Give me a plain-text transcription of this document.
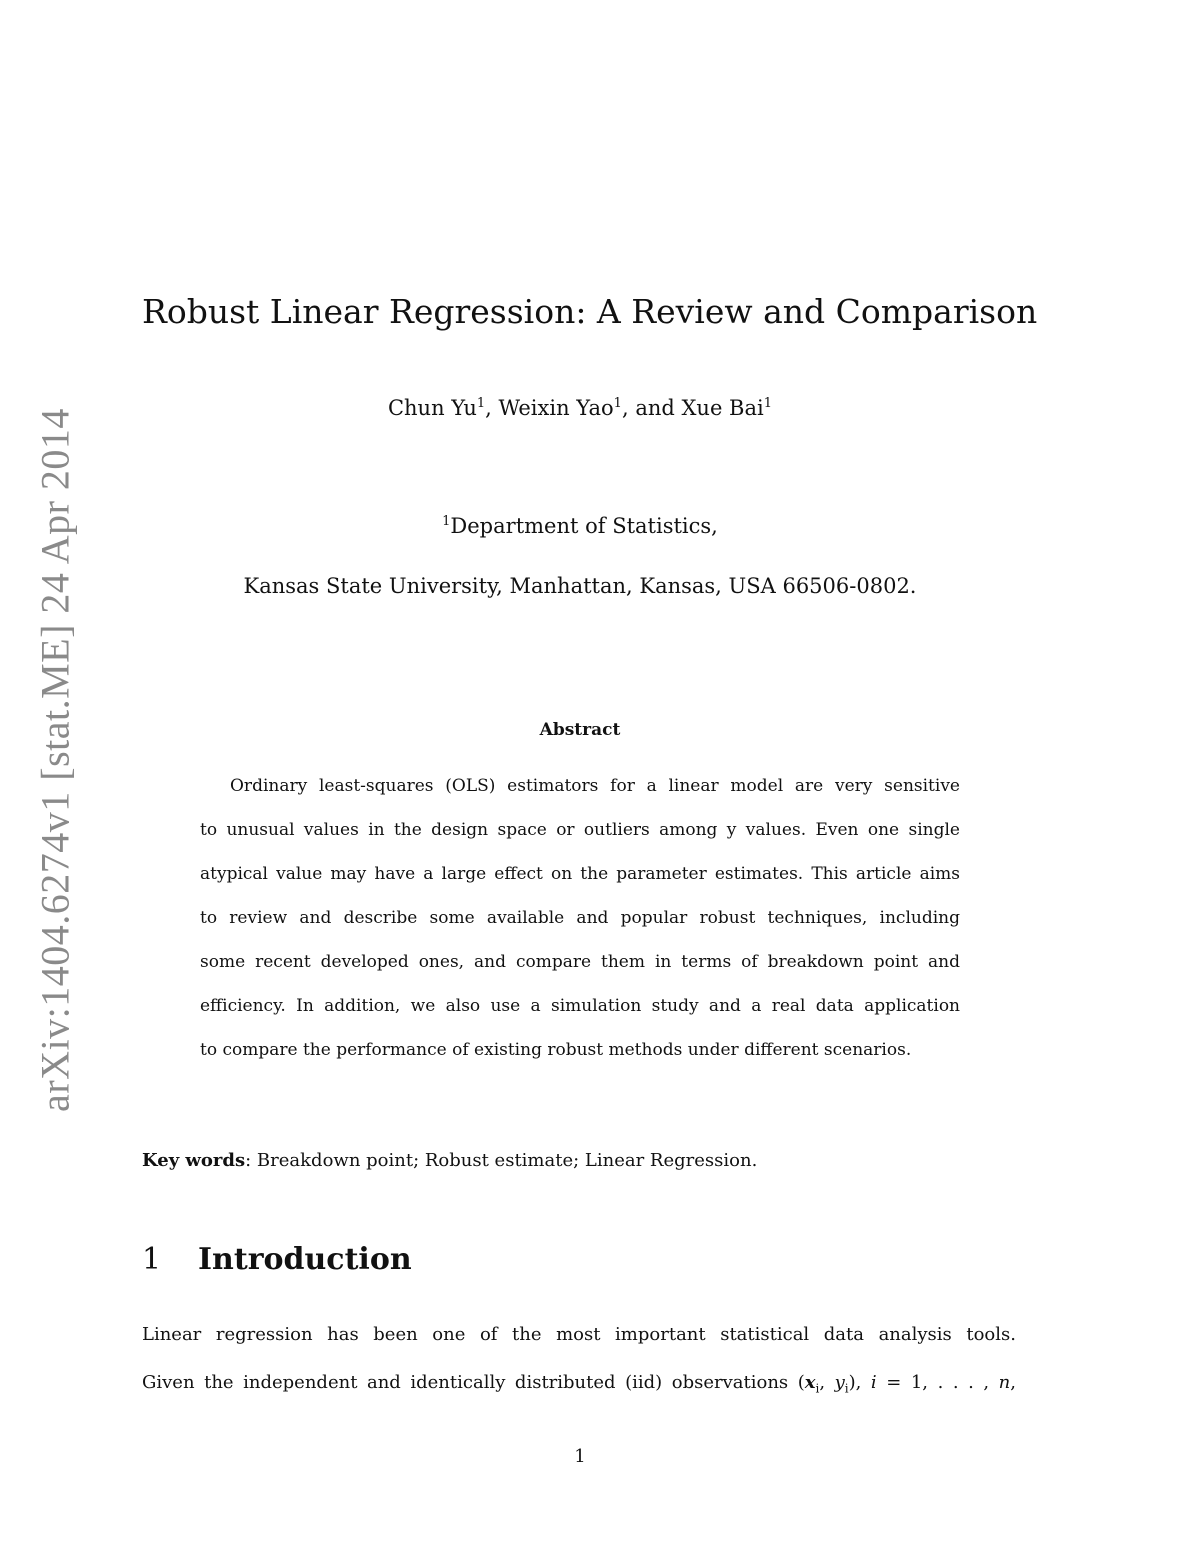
arXiv:1404.6274v1 [stat.ME] 24 Apr 2014
Robust Linear Regression: A Review and Comparison
Chun Yu$^1$, Weixin Yao$^1$, and Xue Bai$^1$
$^1$Department of Statistics,
Kansas State University, Manhattan, Kansas, USA 66506-0802.
Abstract
Ordinary least-squares (OLS) estimators for a linear model are very sensitive
to unusual values in the design space or outliers among y values. Even one single
atypical value may have a large effect on the parameter estimates. This article aims
to review and describe some available and popular robust techniques, including
some recent developed ones, and compare them in terms of breakdown point and
efficiency. In addition, we also use a simulation study and a real data application
to compare the performance of existing robust methods under different scenarios.
Key words: Breakdown point; Robust estimate; Linear Regression.
1 Introduction
Linear regression has been one of the most important statistical data analysis tools.
Given the independent and identically distributed (iid) observations ($x_i$, $y_i$), i = 1, . . . , n,
1
